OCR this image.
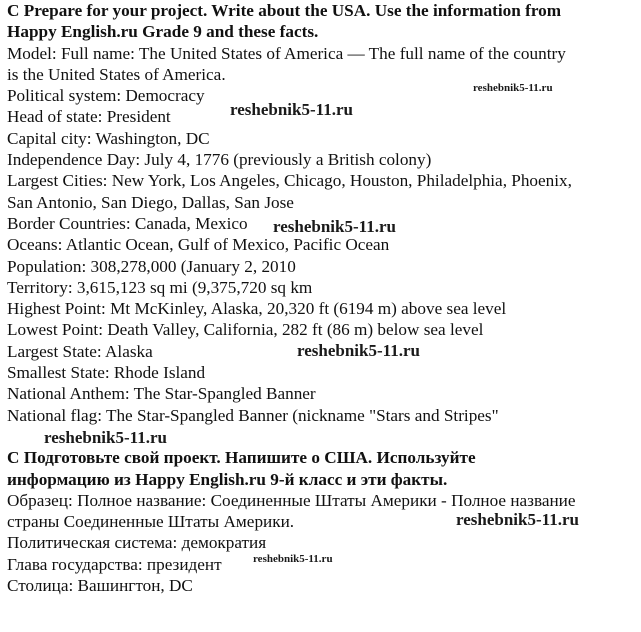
C Prepare for your project. Write about the USA. Use the information from
Happy English.ru Grade 9 and these facts.
Model: Full name: The United States of America — The full name of the country
is the United States of America.
Political system: Democracy
Head of state: President
Capital city: Washington, DC
Independence Day: July 4, 1776 (previously a British colony)
Largest Cities: New York, Los Angeles, Chicago, Houston, Philadelphia, Phoenix,
San Antonio, San Diego, Dallas, San Jose
Border Countries: Canada, Mexico
Oceans: Atlantic Ocean, Gulf of Mexico, Pacific Ocean
Population: 308,278,000 (January 2, 2010
Territory: 3,615,123 sq mi (9,375,720 sq km
Highest Point: Mt McKinley, Alaska, 20,320 ft (6194 m) above sea level
Lowest Point: Death Valley, California, 282 ft (86 m) below sea level
Largest State: Alaska
Smallest State: Rhode Island
National Anthem: The Star-Spangled Banner
National flag: The Star-Spangled Banner (nickname "Stars and Stripes"

С Подготовьте свой проект. Напишите о США. Используйте
информацию из Happy English.ru 9-й класс и эти факты.
Образец: Полное название: Соединенные Штаты Америки - Полное название
страны Соединенные Штаты Америки.
Политическая система: демократия
Глава государства: президент
Столица: Вашингтон, DC
reshebnik5-11.ru
reshebnik5-11.ru
reshebnik5-11.ru
reshebnik5-11.ru
reshebnik5-11.ru
reshebnik5-11.ru
reshebnik5-11.ru
